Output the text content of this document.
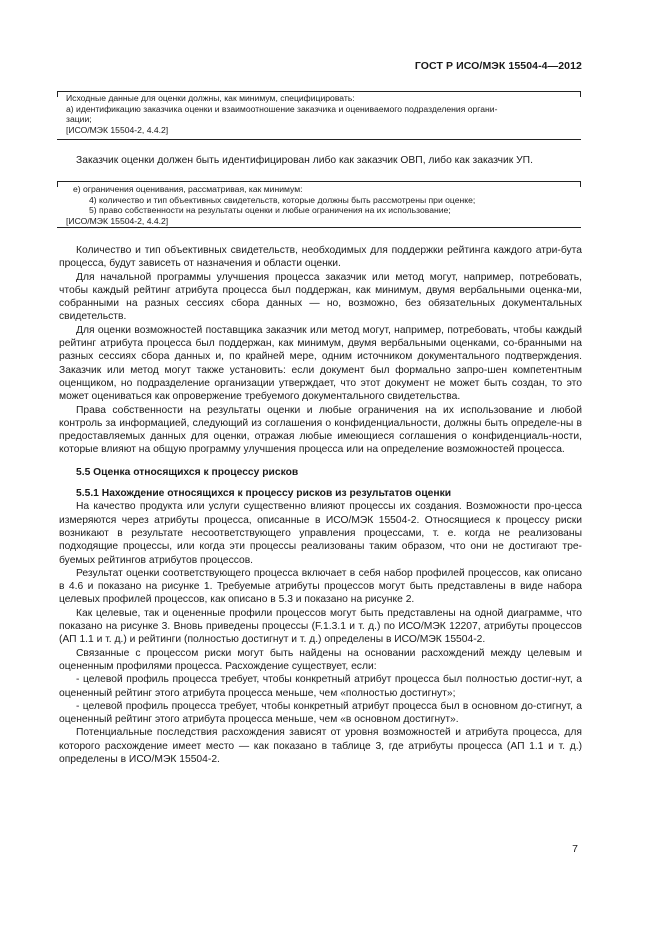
ГОСТ Р ИСО/МЭК 15504-4—2012
Исходные данные для оценки должны, как минимум, специфицировать:
а) идентификацию заказчика оценки и взаимоотношение заказчика и оцениваемого подразделения органи-
зации;
[ИСО/МЭК 15504-2, 4.4.2]
Заказчик оценки должен быть идентифицирован либо как заказчик ОВП, либо как заказчик УП.
е) ограничения оценивания, рассматривая, как минимум:
4) количество и тип объективных свидетельств, которые должны быть рассмотрены при оценке;
5) право собственности на результаты оценки и любые ограничения на их использование;
[ИСО/МЭК 15504-2, 4.4.2]

Количество и тип объективных свидетельств, необходимых для поддержки рейтинга каждого атри-бута процесса, будут зависеть от назначения и области оценки.

Для начальной программы улучшения процесса заказчик или метод могут, например, потребовать, чтобы каждый рейтинг атрибута процесса был поддержан, как минимум, двумя вербальными оценка-ми, собранными на разных сессиях сбора данных — но, возможно, без обязательных документальных свидетельств.

Для оценки возможностей поставщика заказчик или метод могут, например, потребовать, чтобы каждый рейтинг атрибута процесса был поддержан, как минимум, двумя вербальными оценками, со-бранными на разных сессиях сбора данных и, по крайней мере, одним источником документального подтверждения. Заказчик или метод могут также установить: если документ был формально запро-шен компетентным оценщиком, но подразделение организации утверждает, что этот документ не может быть создан, то это может оцениваться как опровержение требуемого документального свидетельства.

Права собственности на результаты оценки и любые ограничения на их использование и любой контроль за информацией, следующий из соглашения о конфиденциальности, должны быть определе-ны в предоставляемых данных для оценки, отражая любые имеющиеся соглашения о конфиденциаль-ности, которые влияют на общую программу улучшения процесса или на определение возможностей процесса.

5.5 Оценка относящихся к процессу рисков
5.5.1 Нахождение относящихся к процессу рисков из результатов оценки

На качество продукта или услуги существенно влияют процессы их создания. Возможности про-цесса измеряются через атрибуты процесса, описанные в ИСО/МЭК 15504-2. Относящиеся к процессу риски возникают в результате несоответствующего управления процессами, т. е. когда не реализованы подходящие процессы, или когда эти процессы реализованы таким образом, что они не достигают тре-буемых рейтингов атрибутов процессов.

Результат оценки соответствующего процесса включает в себя набор профилей процессов, как описано в 4.6 и показано на рисунке 1. Требуемые атрибуты процессов могут быть представлены в виде набора целевых профилей процессов, как описано в 5.3 и показано на рисунке 2.

Как целевые, так и оцененные профили процессов могут быть представлены на одной диаграмме, что показано на рисунке 3. Вновь приведены процессы (F.1.3.1 и т. д.) по ИСО/МЭК 12207, атрибуты процессов (АП 1.1 и т. д.) и рейтинги (полностью достигнут и т. д.) определены в ИСО/МЭК 15504-2.

Связанные с процессом риски могут быть найдены на основании расхождений между целевым и оцененным профилями процесса. Расхождение существует, если:

- целевой профиль процесса требует, чтобы конкретный атрибут процесса был полностью достиг-нут, а оцененный рейтинг этого атрибута процесса меньше, чем «полностью достигнут»;

- целевой профиль процесса требует, чтобы конкретный атрибут процесса был в основном до-стигнут, а оцененный рейтинг этого атрибута процесса меньше, чем «в основном достигнут».

Потенциальные последствия расхождения зависят от уровня возможностей и атрибута процесса, для которого расхождение имеет место — как показано в таблице 3, где атрибуты процесса (АП 1.1 и т. д.) определены в ИСО/МЭК 15504-2.

7
